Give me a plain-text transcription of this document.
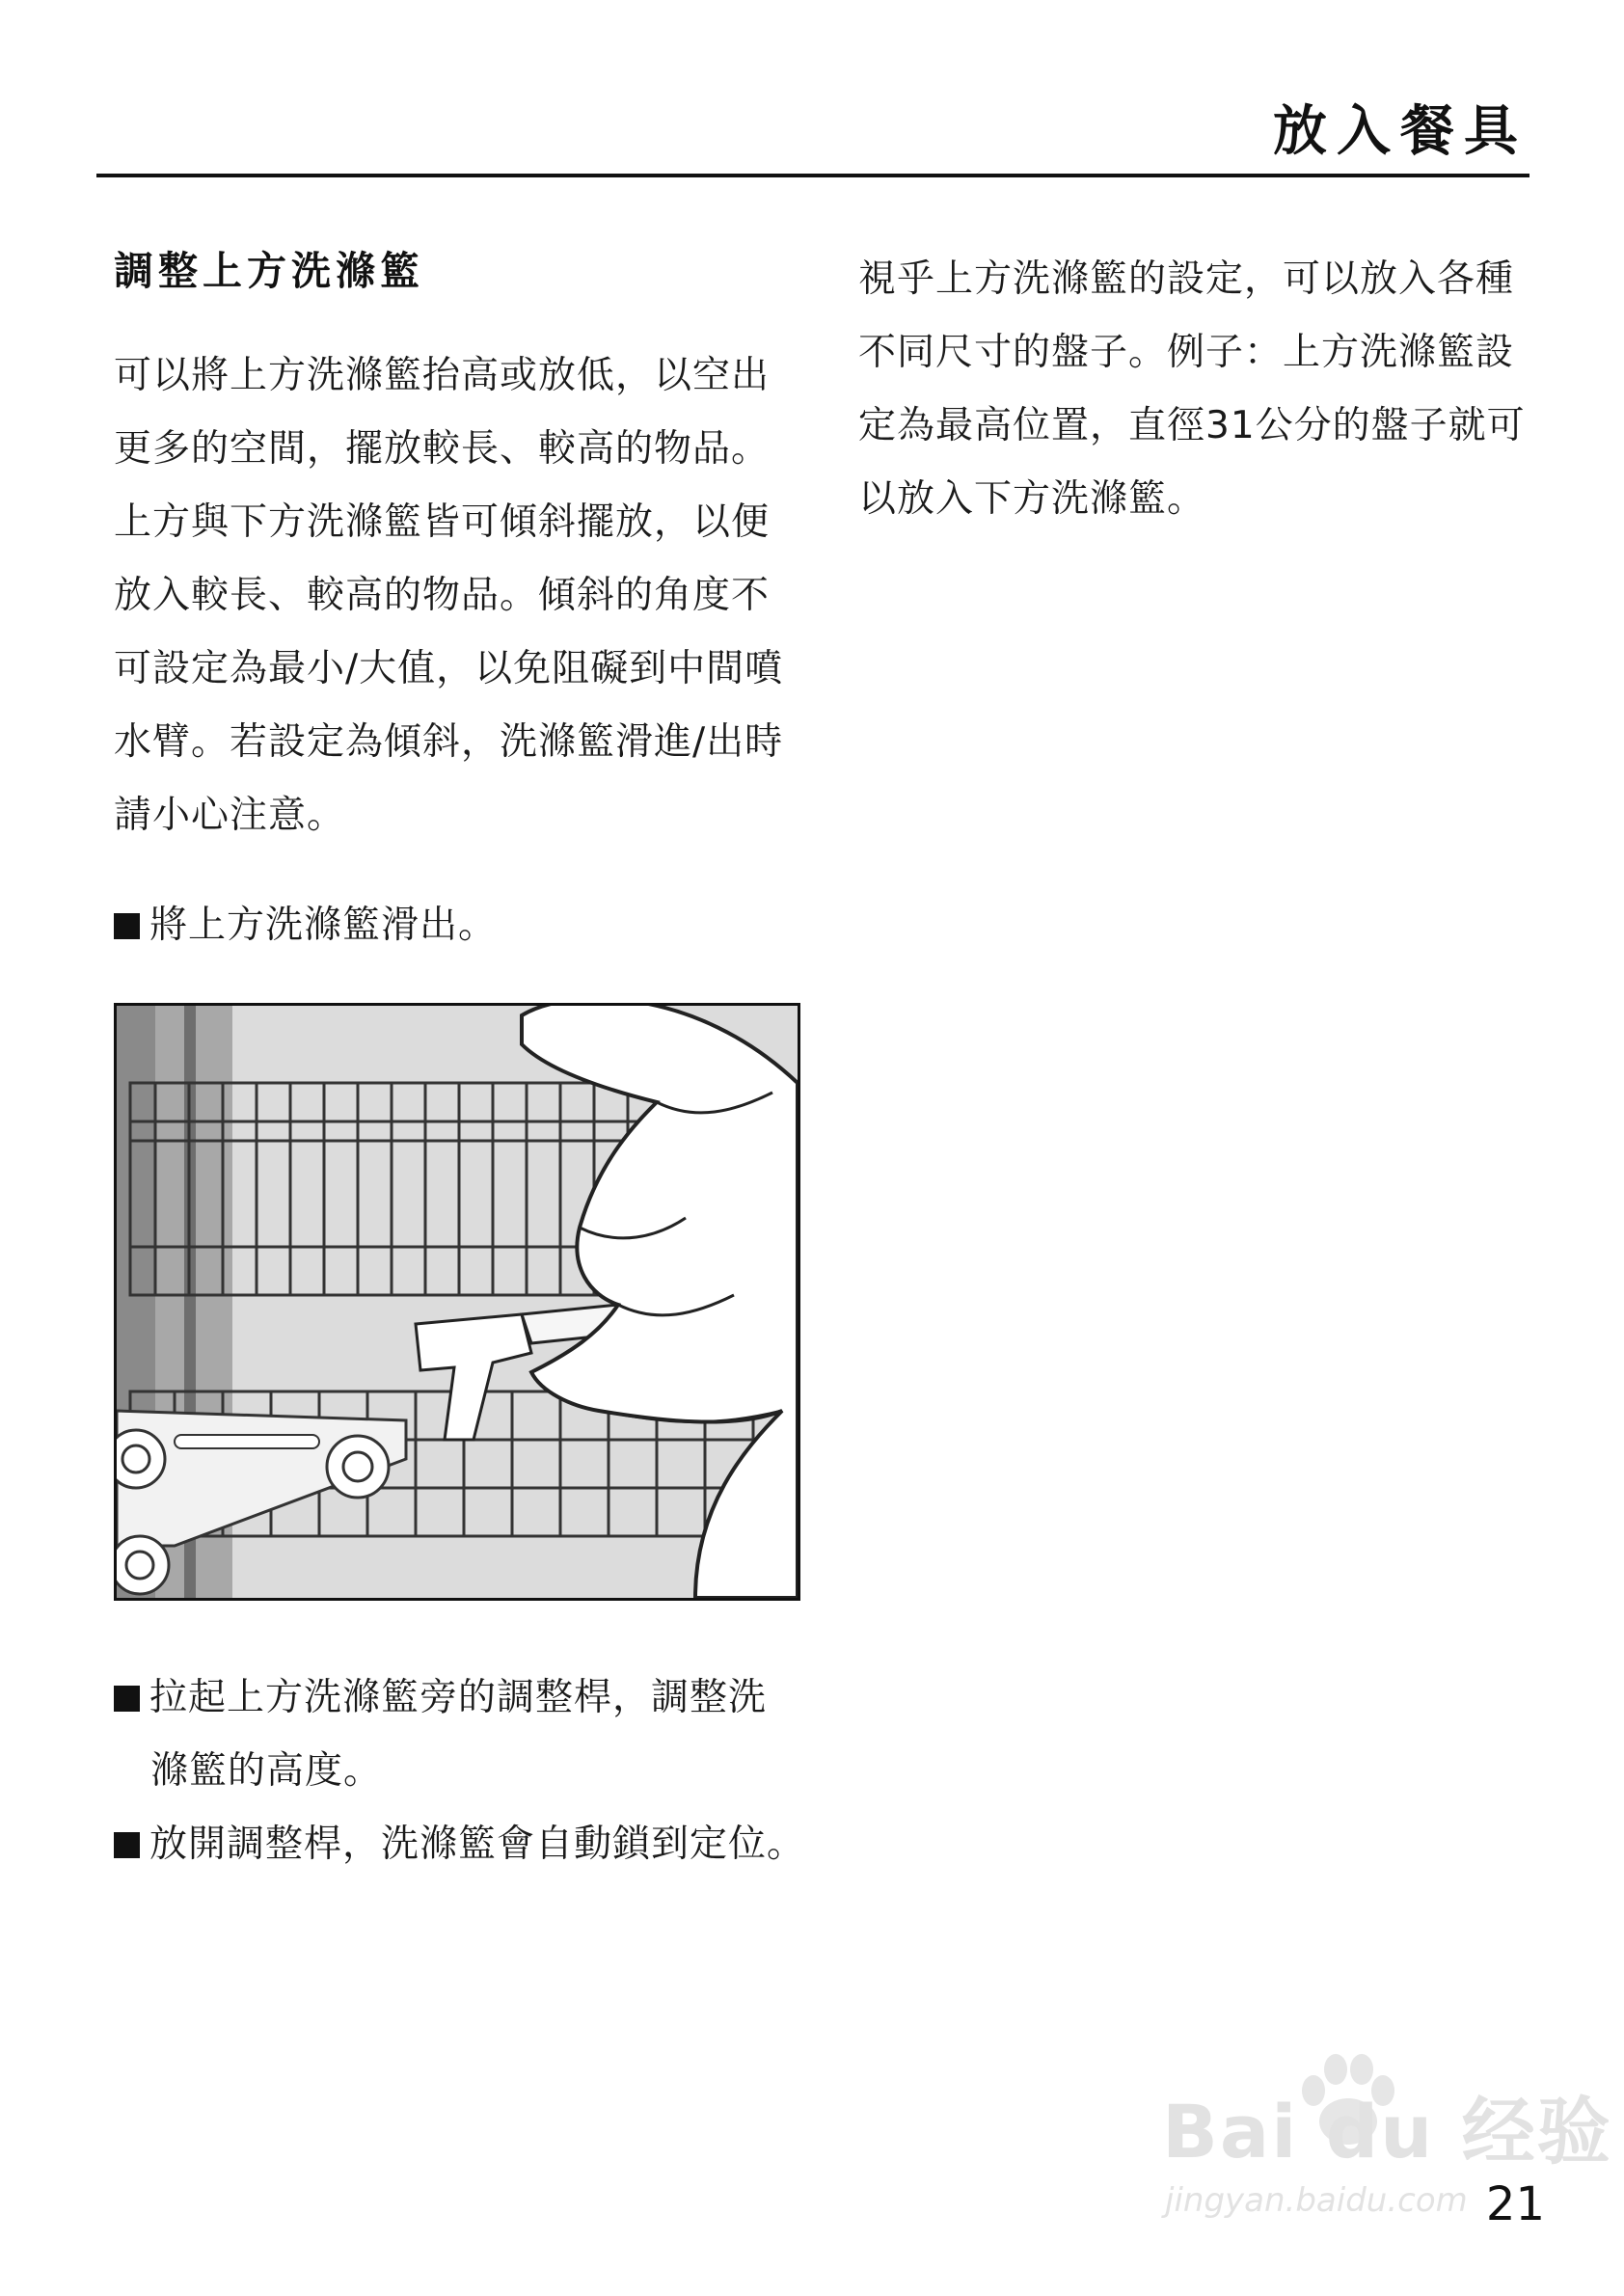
放入餐具
調整上方洗滌籃
可以將上方洗滌籃抬高或放低，以空出
更多的空間，擺放較長、較高的物品。
上方與下方洗滌籃皆可傾斜擺放，以便
放入較長、較高的物品。傾斜的角度不
可設定為最小/大值，以免阻礙到中間噴
水臂。若設定為傾斜，洗滌籃滑進/出時
請小心注意。
視乎上方洗滌籃的設定，可以放入各種
不同尺寸的盤子。例子：上方洗滌籃設
定為最高位置，直徑31公分的盤子就可
以放入下方洗滌籃。
將上方洗滌籃滑出。
拉起上方洗滌籃旁的調整桿，調整洗
滌籃的高度。
放開調整桿，洗滌籃會自動鎖到定位。
Bai du 经验
jingyan.baidu.com 21
